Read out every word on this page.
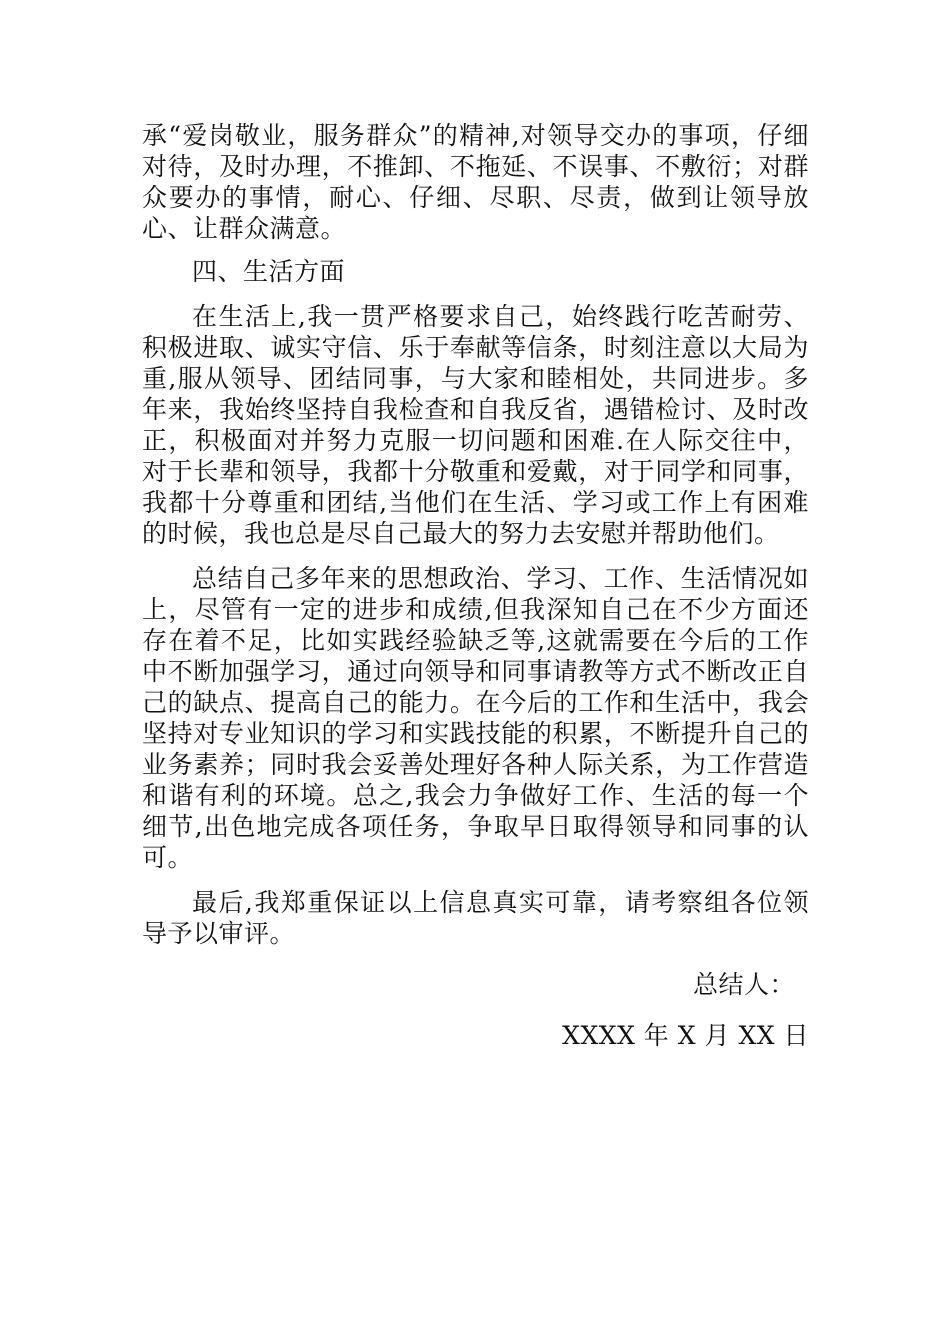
承“爱岗敬业，服务群众”的精神,对领导交办的事项，仔细对待，及时办理，不推卸、不拖延、不误事、不敷衍；对群众要办的事情，耐心、仔细、尽职、尽责，做到让领导放心、让群众满意。

四、生活方面

在生活上,我一贯严格要求自己，始终践行吃苦耐劳、积极进取、诚实守信、乐于奉献等信条，时刻注意以大局为重,服从领导、团结同事，与大家和睦相处，共同进步。多年来，我始终坚持自我检查和自我反省，遇错检讨、及时改正，积极面对并努力克服一切问题和困难.在人际交往中，对于长辈和领导，我都十分敬重和爱戴，对于同学和同事，我都十分尊重和团结,当他们在生活、学习或工作上有困难的时候，我也总是尽自己最大的努力去安慰并帮助他们。

总结自己多年来的思想政治、学习、工作、生活情况如上，尽管有一定的进步和成绩,但我深知自己在不少方面还存在着不足，比如实践经验缺乏等,这就需要在今后的工作中不断加强学习，通过向领导和同事请教等方式不断改正自己的缺点、提高自己的能力。在今后的工作和生活中，我会坚持对专业知识的学习和实践技能的积累，不断提升自己的业务素养；同时我会妥善处理好各种人际关系，为工作营造和谐有利的环境。总之,我会力争做好工作、生活的每一个细节,出色地完成各项任务，争取早日取得领导和同事的认可。

最后,我郑重保证以上信息真实可靠，请考察组各位领导予以审评。

总结人：

XXXX 年 X 月 XX 日
